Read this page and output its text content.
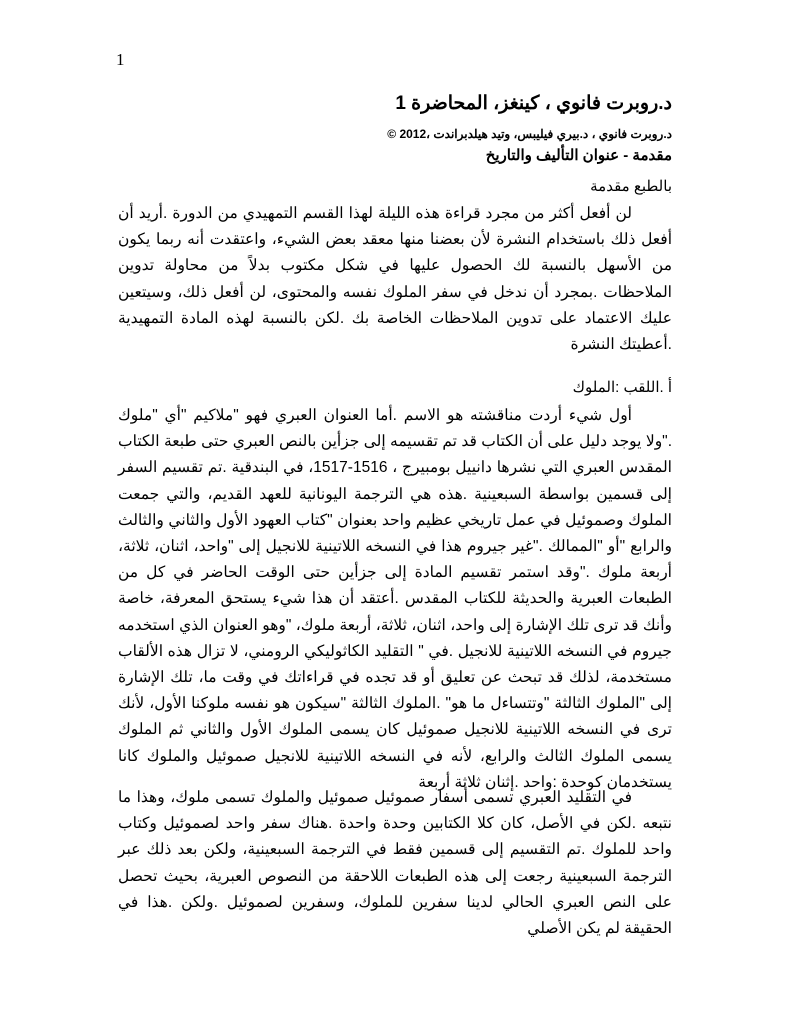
1
د.روبرت فانوي ، كينغز، المحاضرة 1
د.روبرت فانوي ، د.بيري فيليبس، وتيد هيلدبراندت ،2012 ©
مقدمة - عنوان التأليف والتاريخ
بالطبع مقدمة

لن أفعل أكثر من مجرد قراءة هذه الليلة لهذا القسم التمهيدي من الدورة .أريد أن أفعل ذلك باستخدام النشرة لأن بعضنا منها معقد بعض الشيء، واعتقدت أنه ربما يكون من الأسهل بالنسبة لك الحصول عليها في شكل مكتوب بدلاً من محاولة تدوين الملاحظات .بمجرد أن ندخل في سفر الملوك نفسه والمحتوى، لن أفعل ذلك، وسيتعين عليك الاعتماد على تدوين الملاحظات الخاصة بك .لكن بالنسبة لهذه المادة التمهيدية .أعطيتك النشرة

أ .اللقب :الملوك

أول شيء أردت مناقشته هو الاسم .أما العنوان العبري فهو "ملاكيم "أي "ملوك ."ولا يوجد دليل على أن الكتاب قد تم تقسيمه إلى جزأين بالنص العبري حتى طبعة الكتاب المقدس العبري التي نشرها دانييل بومبيرج ، 1516-1517، في البندقية .تم تقسيم السفر إلى قسمين بواسطة السبعينية .هذه هي الترجمة اليونانية للعهد القديم، والتي جمعت الملوك وصموئيل في عمل تاريخي عظيم واحد بعنوان "كتاب العهود الأول والثاني والثالث والرابع "أو "الممالك ."غير جيروم هذا في النسخه اللاتينية للانجيل إلى "واحد، اثنان، ثلاثة، أربعة ملوك ."وقد استمر تقسيم المادة إلى جزأين حتى الوقت الحاضر في كل من الطبعات العبرية والحديثة للكتاب المقدس .أعتقد أن هذا شيء يستحق المعرفة، خاصة وأنك قد ترى تلك الإشارة إلى واحد، اثنان، ثلاثة، أربعة ملوك، "وهو العنوان الذي استخدمه جيروم في النسخه اللاتينية للانجيل .في " التقليد الكاثوليكي الرومني، لا تزال هذه الألقاب مستخدمة، لذلك قد تبحث عن تعليق أو قد تجده في قراءاتك في وقت ما، تلك الإشارة إلى "الملوك الثالثة "وتتساءل ما هو" .الملوك الثالثة "سيكون هو نفسه ملوكنا الأول، لأنك ترى في النسخه اللاتينية للانجيل صموئيل كان يسمى الملوك الأول والثاني ثم الملوك يسمى الملوك الثالث والرابع، لأنه في النسخه اللاتينية للانجيل صموئيل والملوك كانا يستخدمان كوحدة :واحد .إثنان ثلاثة أربعة

في التقليد العبري تسمى أسفار صموئيل صموئيل والملوك تسمى ملوك، وهذا ما نتبعه .لكن في الأصل، كان كلا الكتابين وحدة واحدة .هناك سفر واحد لصموئيل وكتاب واحد للملوك .تم التقسيم إلى قسمين فقط في الترجمة السبعينية، ولكن بعد ذلك عبر الترجمة السبعينية رجعت إلى هذه الطبعات اللاحقة من النصوص العبرية، بحيث تحصل على النص العبري الحالي لدينا سفرين للملوك، وسفرين لصموئيل .ولكن .هذا في الحقيقة لم يكن الأصلي
